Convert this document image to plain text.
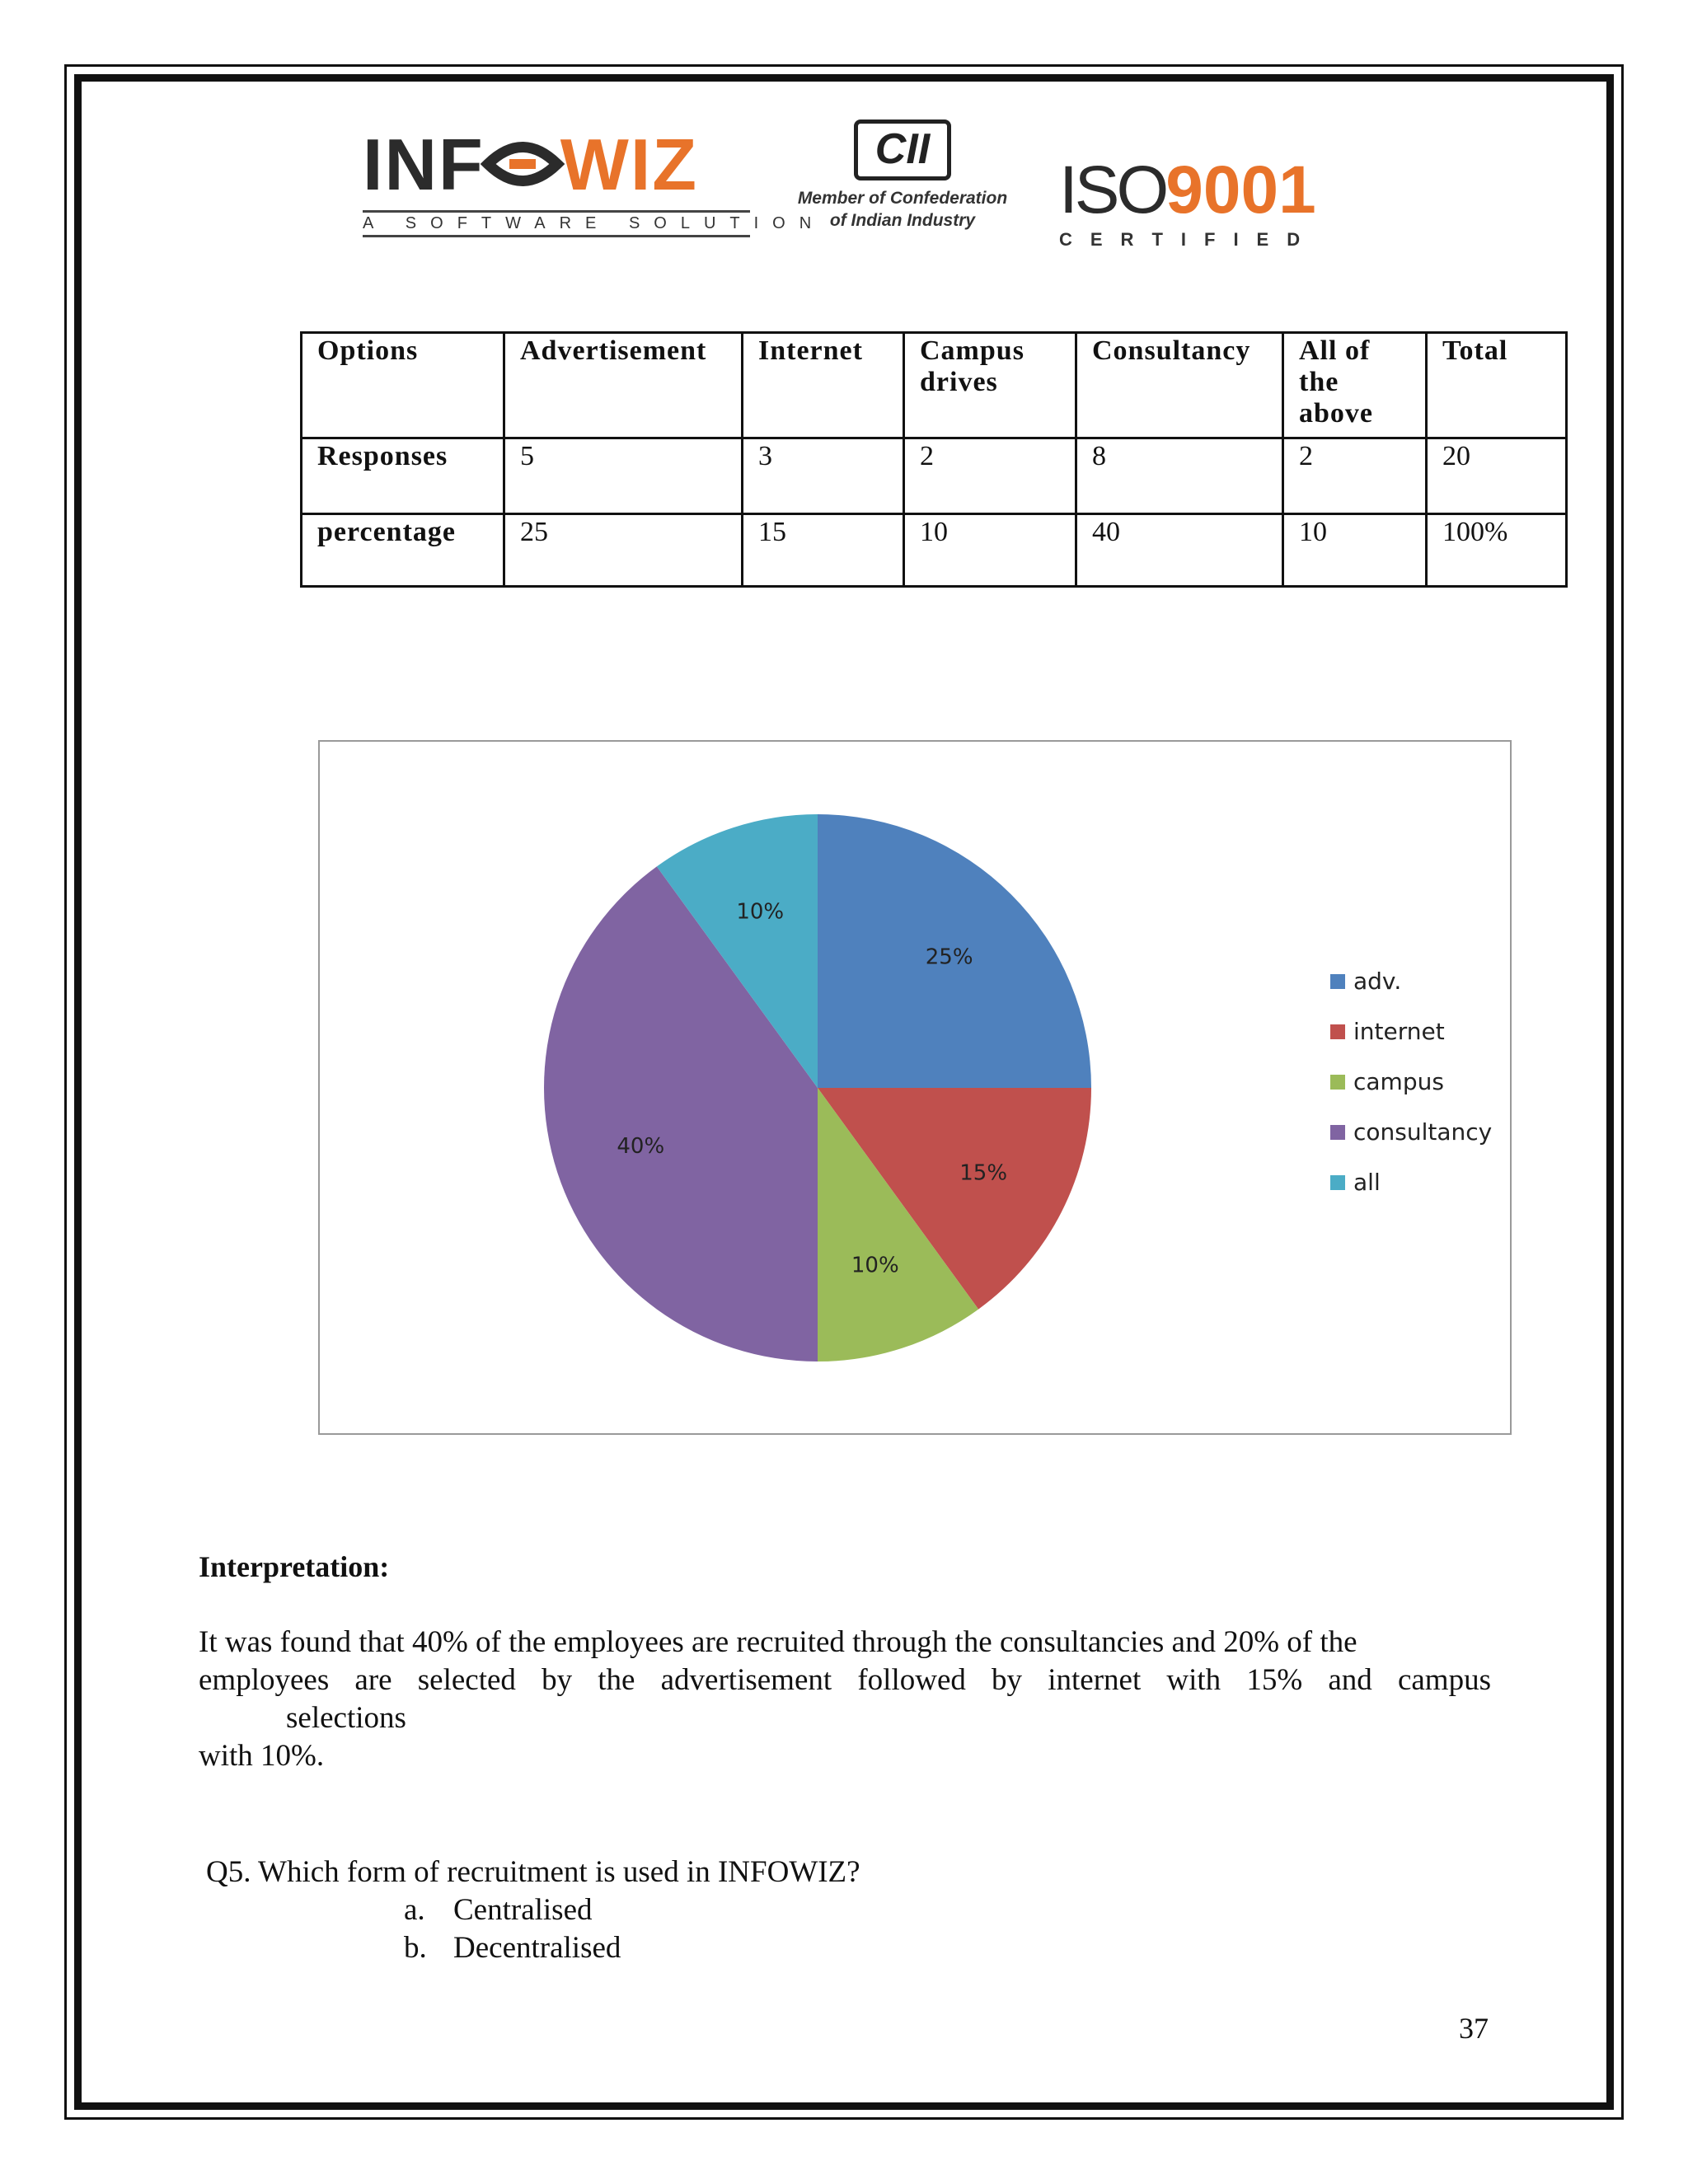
INF WIZ
A SOFTWARE SOLUTION
CII
Member of Confederation
of Indian Industry	ISO9001
CERTIFIED
Options	Advertisement	Internet	Campus drives	Consultancy	All of the above	Total
Responses	5	3	2	8	2	20
percentage	25	15	10	40	10	100%
25%
15%
10%
40%
10%
adv.
internet
campus
consultancy
all
Interpretation:
It was found that 40% of the employees are recruited through the consultancies and 20% of the
employees are selected by the advertisement followed by internet with 15% and campus
selections
with 10%.
Q5. Which form of recruitment is used in INFOWIZ?
a. Centralised
b. Decentralised
37
